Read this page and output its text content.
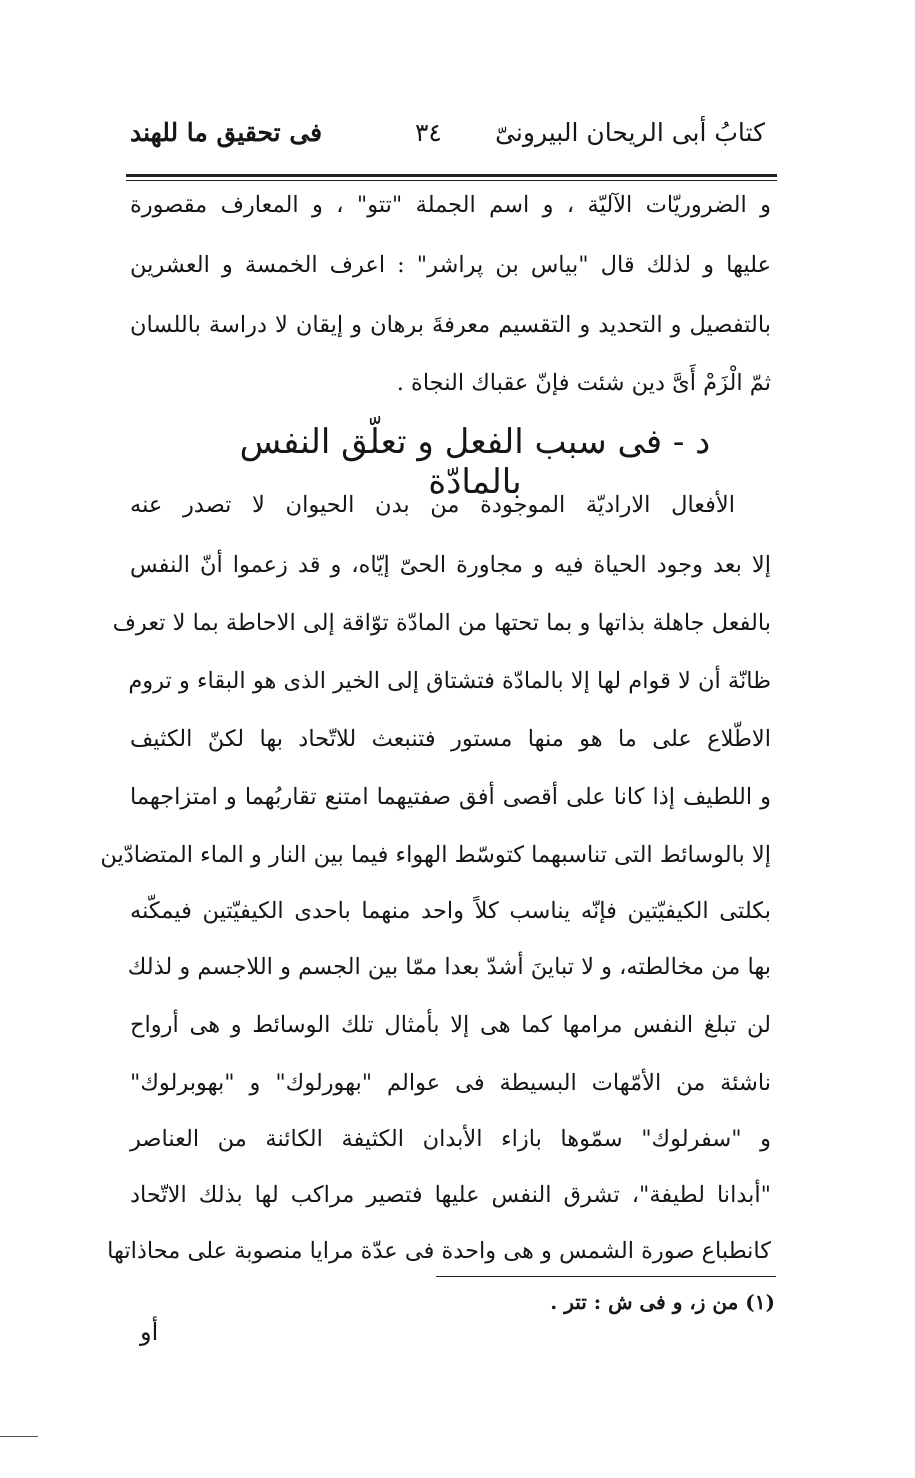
كتابُ أبى الريحان البيرونىّ
٣٤
فى تحقيق ما للهند
و الضروريّات الآليّة ، و اسم الجملة "تتو" ، و المعارف مقصورة
عليها و لذلك قال "بياس بن پراشر" : اعرف الخمسة و العشرين
بالتفصيل و التحديد و التقسيم معرفةَ برهان و إيقان لا دراسة باللسان
ثمّ الْزَمْ أَىَّ دين شئت فإنّ عقباك النجاة .
د - فى سبب الفعل و تعلّق النفس بالمادّة
الأفعال الاراديّة الموجودة من بدن الحيوان لا تصدر عنه
إلا بعد وجود الحياة فيه و مجاورة الحىّ إيّاه، و قد زعموا أنّ النفس
بالفعل جاهلة بذاتها و بما تحتها من المادّة توّاقة إلى الاحاطة بما لا تعرف
ظانّة أن لا قوام لها إلا بالمادّة فتشتاق إلى الخير الذى هو البقاء و تروم
الاطّلاع على ما هو منها مستور فتنبعث للاتّحاد بها لكنّ الكثيف
و اللطيف إذا كانا على أقصى أفق صفتيهما امتنع تقاربُهما و امتزاجهما
إلا بالوسائط التى تناسبهما كتوسّط الهواء فيما بين النار و الماء المتضادّين
بكلتى الكيفيّتين فإنّه يناسب كلاً واحد منهما باحدى الكيفيّتين فيمكّنه
بها من مخالطته، و لا تباينَ أشدّ بعدا ممّا بين الجسم و اللاجسم و لذلك
لن تبلغ النفس مرامها كما هى إلا بأمثال تلك الوسائط و هى أرواح
ناشئة من الأمّهات البسيطة فى عوالم "بهورلوك" و "بهوبرلوك"
و "سفرلوك" سمّوها بازاء الأبدان الكثيفة الكائنة من العناصر
"أبدانا لطيفة"، تشرق النفس عليها فتصير مراكب لها بذلك الاتّحاد
كانطباع صورة الشمس و هى واحدة فى عدّة مرايا منصوبة على محاذاتها
(١) من ز، و فى ش : تتر .
أو
